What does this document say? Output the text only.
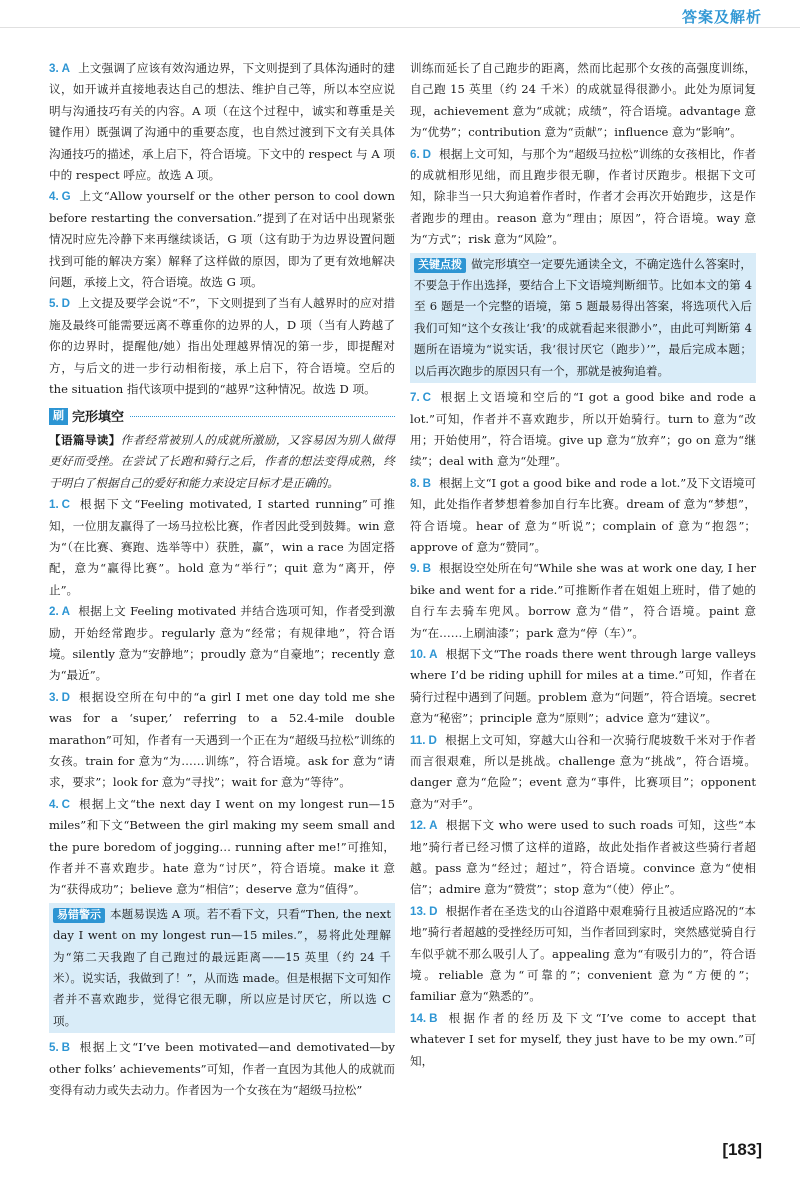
答案及解析
3. A 上文强调了应该有效沟通边界，下文则提到了具体沟通时的建议，如开诚并直接地表达自己的想法、维护自己等，所以本空应说明与沟通技巧有关的内容。A 项（在这个过程中，诚实和尊重是关键作用）既强调了沟通中的重要态度，也自然过渡到下文有关具体沟通技巧的描述，承上启下，符合语境。下文中的 respect 与 A 项中的 respect 呼应。故选 A 项。
4. G 上文“Allow yourself or the other person to cool down before restarting the conversation.”提到了在对话中出现紧张情况时应先冷静下来再继续谈话，G 项（这有助于为边界设置问题找到可能的解决方案）解释了这样做的原因，即为了更有效地解决问题，承接上文，符合语境。故选 G 项。
5. D 上文提及要学会说“不”，下文则提到了当有人越界时的应对措施及最终可能需要远离不尊重你的边界的人，D 项（当有人跨越了你的边界时，提醒他/她）指出处理越界情况的第一步，即提醒对方，与后文的进一步行动相衔接，承上启下，符合语境。空后的 the situation 指代该项中提到的“越界”这种情况。故选 D 项。
刷 完形填空
【语篇导读】作者经常被别人的成就所激励，又容易因为别人做得更好而受挫。在尝试了长跑和骑行之后，作者的想法变得成熟，终于明白了根据自己的爱好和能力来设定目标才是正确的。
1. C 根据下文“Feeling motivated, I started running”可推知，一位朋友赢得了一场马拉松比赛，作者因此受到鼓舞。win 意为“（在比赛、赛跑、选举等中）获胜，赢”，win a race 为固定搭配，意为“赢得比赛”。hold 意为“举行”；quit 意为“离开，停止”。
2. A 根据上文 Feeling motivated 并结合选项可知，作者受到激励，开始经常跑步。regularly 意为“经常；有规律地”，符合语境。silently 意为“安静地”；proudly 意为“自豪地”；recently 意为“最近”。
3. D 根据设空所在句中的“a girl I met one day told me she was for a ‘super,’ referring to a 52.4-mile double marathon”可知，作者有一天遇到一个正在为“超级马拉松”训练的女孩。train for 意为“为……训练”，符合语境。ask for 意为“请求，要求”；look for 意为“寻找”；wait for 意为“等待”。
4. C 根据上文“the next day I went on my longest run—15 miles”和下文“Between the girl making my seem small and the pure boredom of jogging… running after me!”可推知，作者并不喜欢跑步。hate 意为“讨厌”，符合语境。make it 意为“获得成功”；believe 意为“相信”；deserve 意为“值得”。
易错警示 本题易误选 A 项。若不看下文，只看“Then, the next day I went on my longest run—15 miles.”，易将此处理解为“第二天我跑了自己跑过的最远距离——15 英里（约 24 千米）。说实话，我做到了！”，从而选 made。但是根据下文可知作者并不喜欢跑步，觉得它很无聊，所以应是讨厌它，所以选 C 项。
5. B 根据上文“I’ve been motivated—and demotivated—by other folks’ achievements”可知，作者一直因为其他人的成就而变得有动力或失去动力。作者因为一个女孩在为“超级马拉松”
训练而延长了自己跑步的距离，然而比起那个女孩的高强度训练，自己跑 15 英里（约 24 千米）的成就显得很渺小。此处为原词复现，achievement 意为“成就；成绩”，符合语境。advantage 意为“优势”；contribution 意为“贡献”；influence 意为“影响”。
6. D 根据上文可知，与那个为“超级马拉松”训练的女孩相比，作者的成就相形见绌，而且跑步很无聊，作者讨厌跑步。根据下文可知，除非当一只大狗追着作者时，作者才会再次开始跑步，这是作者跑步的理由。reason 意为“理由；原因”，符合语境。way 意为“方式”；risk 意为“风险”。
关键点拨 做完形填空一定要先通读全文，不确定选什么答案时，不要急于作出选择，要结合上下文语境判断细节。比如本文的第 4 至 6 题是一个完整的语境，第 5 题最易得出答案，将选项代入后我们可知“这个女孩让‘我’的成就看起来很渺小”，由此可判断第 4 题所在语境为“说实话，我‘很讨厌它（跑步）’”，最后完成本题；以后再次跑步的原因只有一个，那就是被狗追着。
7. C 根据上文语境和空后的“I got a good bike and rode a lot.”可知，作者并不喜欢跑步，所以开始骑行。turn to 意为“改用；开始使用”，符合语境。give up 意为“放弃”；go on 意为“继续”；deal with 意为“处理”。
8. B 根据上文“I got a good bike and rode a lot.”及下文语境可知，此处指作者梦想着参加自行车比赛。dream of 意为“梦想”，符合语境。hear of 意为“听说”；complain of 意为“抱怨”；approve of 意为“赞同”。
9. B 根据设空处所在句“While she was at work one day, I her bike and went for a ride.”可推断作者在姐姐上班时，借了她的自行车去骑车兜风。borrow 意为“借”，符合语境。paint 意为“在……上刷油漆”；park 意为“停（车）”。
10. A 根据下文“The roads there went through large valleys where I’d be riding uphill for miles at a time.”可知，作者在骑行过程中遇到了问题。problem 意为“问题”，符合语境。secret 意为“秘密”；principle 意为“原则”；advice 意为“建议”。
11. D 根据上文可知，穿越大山谷和一次骑行爬坡数千米对于作者而言很艰难，所以是挑战。challenge 意为“挑战”，符合语境。danger 意为“危险”；event 意为“事件，比赛项目”；opponent 意为“对手”。
12. A 根据下文 who were used to such roads 可知，这些“本地”骑行者已经习惯了这样的道路，故此处指作者被这些骑行者超越。pass 意为“经过；超过”，符合语境。convince 意为“使相信”；admire 意为“赞赏”；stop 意为“（使）停止”。
13. D 根据作者在圣迭戈的山谷道路中艰难骑行且被适应路况的“本地”骑行者超越的受挫经历可知，当作者回到家时，突然感觉骑自行车似乎就不那么吸引人了。appealing 意为“有吸引力的”，符合语境。reliable 意为“可靠的”；convenient 意为“方便的”；familiar 意为“熟悉的”。
14. B 根据作者的经历及下文“I’ve come to accept that whatever I set for myself, they just have to be my own.”可知，
[183]
